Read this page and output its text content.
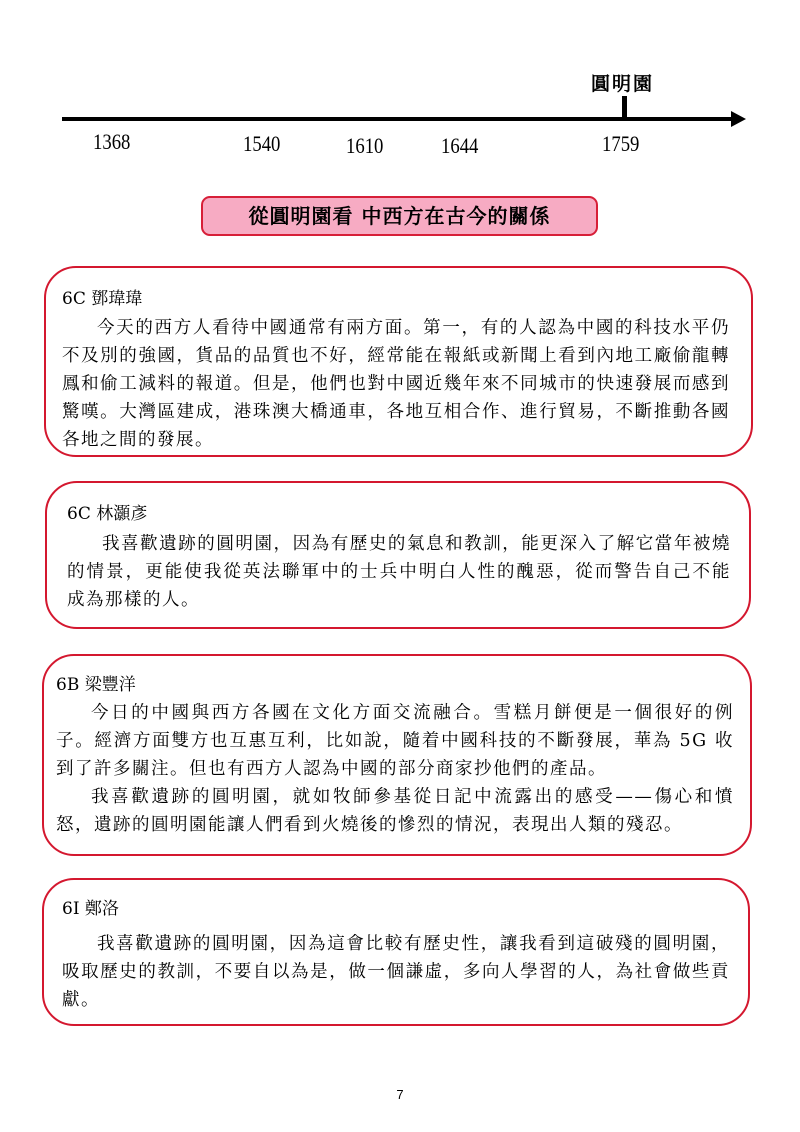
圓明園
1368	1540	1610	1644	1759
從圓明園看 中西方在古今的關係
6C 鄧瑋瑋

今天的西方人看待中國通常有兩方面。第一，有的人認為中國的科技水平仍不及別的強國，貨品的品質也不好，經常能在報紙或新聞上看到內地工廠偷龍轉鳳和偷工減料的報道。但是，他們也對中國近幾年來不同城市的快速發展而感到驚嘆。大灣區建成，港珠澳大橋通車，各地互相合作、進行貿易，不斷推動各國各地之間的發展。

6C 林灝彥

我喜歡遺跡的圓明園，因為有歷史的氣息和教訓，能更深入了解它當年被燒的情景，更能使我從英法聯軍中的士兵中明白人性的醜惡，從而警告自己不能成為那樣的人。

6B 梁豐洋

今日的中國與西方各國在文化方面交流融合。雪糕月餅便是一個很好的例子。經濟方面雙方也互惠互利，比如說，隨着中國科技的不斷發展，華為 5G 收到了許多關注。但也有西方人認為中國的部分商家抄他們的產品。

我喜歡遺跡的圓明園，就如牧師參基從日記中流露出的感受——傷心和憤怒，遺跡的圓明園能讓人們看到火燒後的慘烈的情況，表現出人類的殘忍。

6I 鄭洛

我喜歡遺跡的圓明園，因為這會比較有歷史性，讓我看到這破殘的圓明園，吸取歷史的教訓，不要自以為是，做一個謙虛，多向人學習的人，為社會做些貢獻。

7
